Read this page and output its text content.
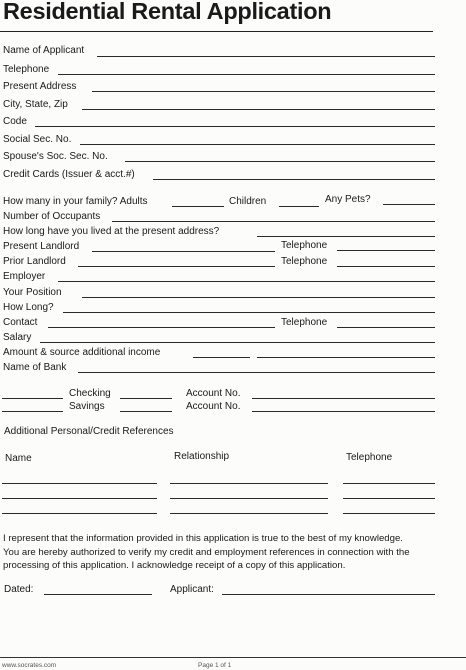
Residential Rental Application
Name of Applicant
Telephone
Present Address
City, State, Zip
Code
Social Sec. No.
Spouse's Soc. Sec. No.
Credit Cards (Issuer & acct.#)
How many in your family? Adults	Children	Any Pets?
Number of Occupants
How long have you lived at the present address?
Present Landlord	Telephone
Prior Landlord	Telephone
Employer
Your Position
How Long?
Contact	Telephone
Salary
Amount & source additional income
Name of Bank
Checking	Account No.
Savings	Account No.
Additional Personal/Credit References
Name	Relationship	Telephone
I represent that the information provided in this application is true to the best of my knowledge.
You are hereby authorized to verify my credit and employment references in connection with the
processing of this application. I acknowledge receipt of a copy of this application.
Dated:	Applicant:
www.socrates.com	Page 1 of 1
